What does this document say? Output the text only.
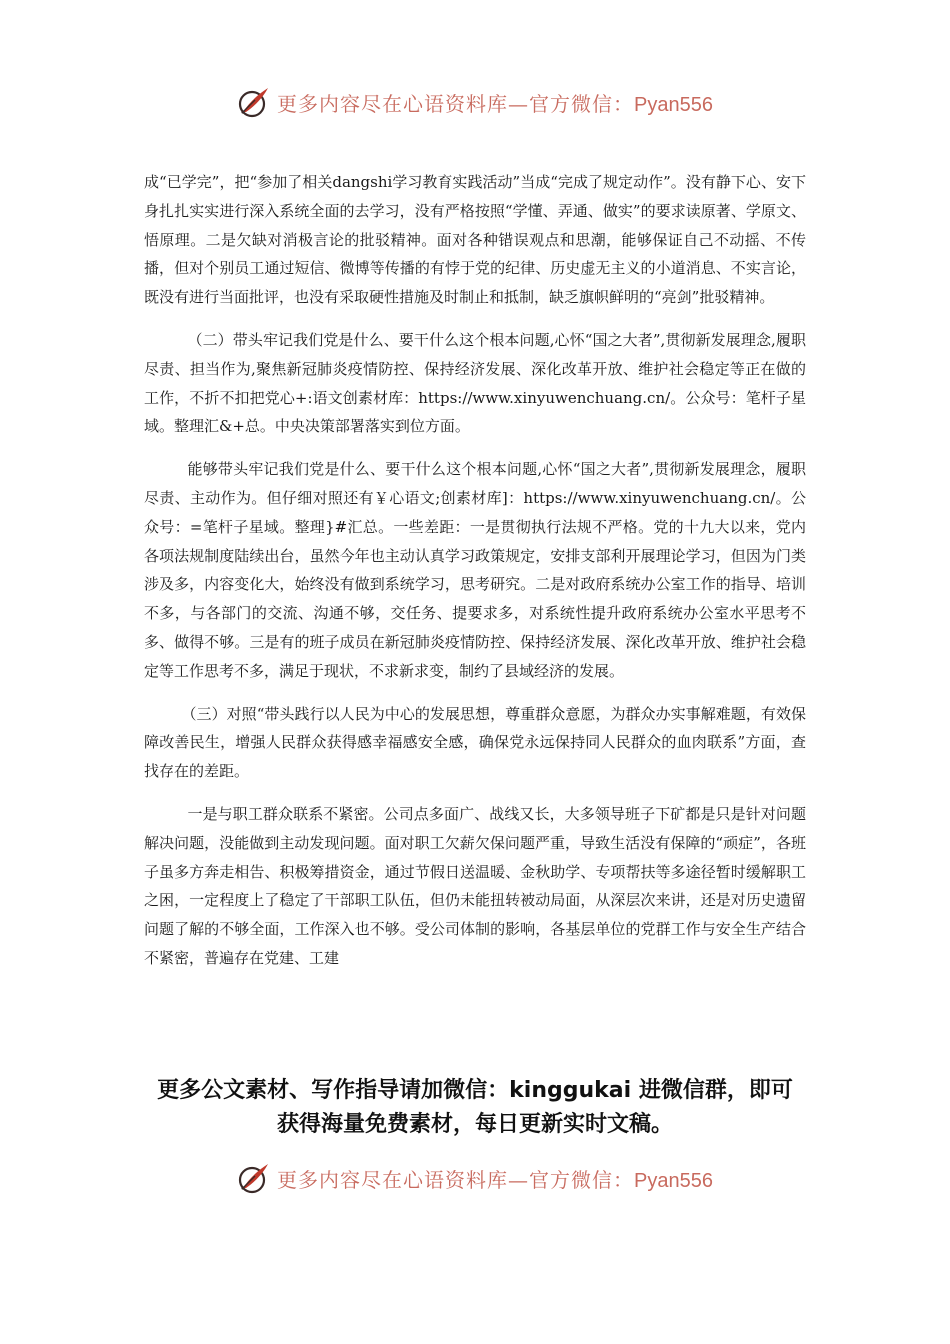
更多内容尽在心语资料库—官方微信：Pyan556

成“已学完”，把“参加了相关dangshi学习教育实践活动”当成“完成了规定动作”。没有静下心、安下身扎扎实实进行深入系统全面的去学习，没有严格按照“学懂、弄通、做实”的要求读原著、学原文、悟原理。二是欠缺对消极言论的批驳精神。面对各种错误观点和思潮，能够保证自己不动摇、不传播，但对个别员工通过短信、微博等传播的有悖于党的纪律、历史虚无主义的小道消息、不实言论，既没有进行当面批评，也没有采取硬性措施及时制止和抵制，缺乏旗帜鲜明的“亮剑”批驳精神。

（二）带头牢记我们党是什么、要干什么这个根本问题,心怀“国之大者”,贯彻新发展理念,履职尽责、担当作为,聚焦新冠肺炎疫情防控、保持经济发展、深化改革开放、维护社会稳定等正在做的工作，不折不扣把党心+:语文创素材库：https://www.xinyuwenchuang.cn/。公众号：笔杆子星域。整理汇&+总。中央决策部署落实到位方面。

能够带头牢记我们党是什么、要干什么这个根本问题,心怀“国之大者”,贯彻新发展理念，履职尽责、主动作为。但仔细对照还有￥心语文;创素材库]：https://www.xinyuwenchuang.cn/。公众号：=笔杆子星域。整理}#汇总。一些差距：一是贯彻执行法规不严格。党的十九大以来，党内各项法规制度陆续出台，虽然今年也主动认真学习政策规定，安排支部利开展理论学习，但因为门类涉及多，内容变化大，始终没有做到系统学习，思考研究。二是对政府系统办公室工作的指导、培训不多，与各部门的交流、沟通不够，交任务、提要求多，对系统性提升政府系统办公室水平思考不多、做得不够。三是有的班子成员在新冠肺炎疫情防控、保持经济发展、深化改革开放、维护社会稳定等工作思考不多，满足于现状，不求新求变，制约了县域经济的发展。

（三）对照“带头践行以人民为中心的发展思想，尊重群众意愿，为群众办实事解难题，有效保障改善民生，增强人民群众获得感幸福感安全感，确保党永远保持同人民群众的血肉联系”方面，查找存在的差距。

一是与职工群众联系不紧密。公司点多面广、战线又长，大多领导班子下矿都是只是针对问题解决问题，没能做到主动发现问题。面对职工欠薪欠保问题严重，导致生活没有保障的“顽症”，各班子虽多方奔走相告、积极筹措资金，通过节假日送温暖、金秋助学、专项帮扶等多途径暂时缓解职工之困，一定程度上了稳定了干部职工队伍，但仍未能扭转被动局面，从深层次来讲，还是对历史遗留问题了解的不够全面，工作深入也不够。受公司体制的影响，各基层单位的党群工作与安全生产结合不紧密，普遍存在党建、工建

更多公文素材、写作指导请加微信：kinggukai 进微信群，即可
获得海量免费素材，每日更新实时文稿。
更多内容尽在心语资料库—官方微信：Pyan556
